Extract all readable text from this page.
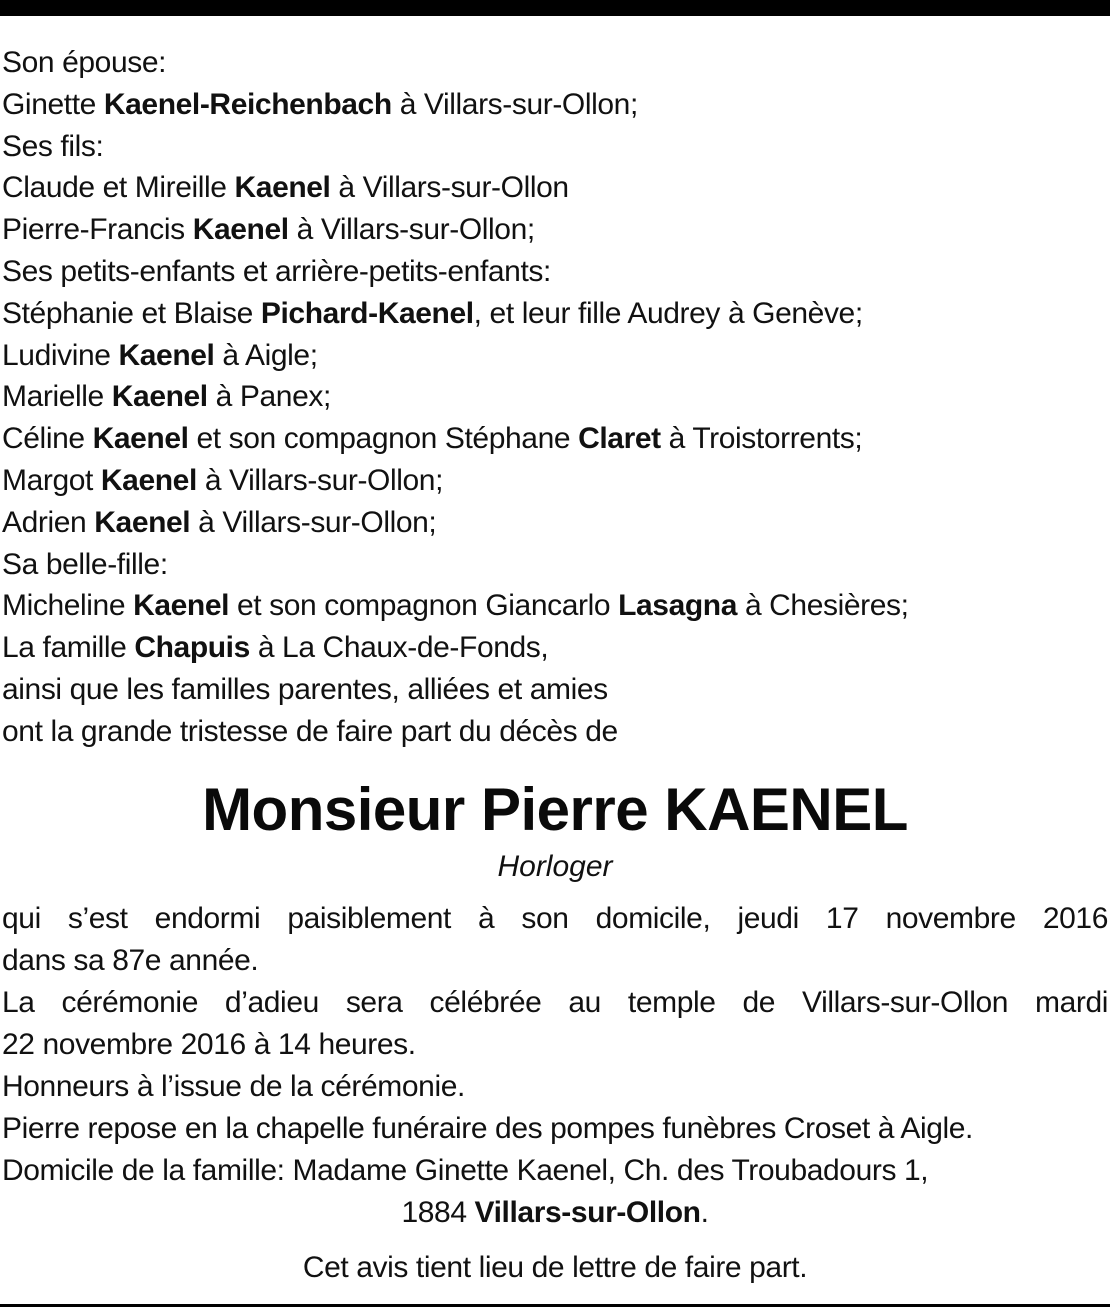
Son épouse:
Ginette Kaenel-Reichenbach à Villars-sur-Ollon;
Ses fils:
Claude et Mireille Kaenel à Villars-sur-Ollon
Pierre-Francis Kaenel à Villars-sur-Ollon;
Ses petits-enfants et arrière-petits-enfants:
Stéphanie et Blaise Pichard-Kaenel, et leur fille Audrey à Genève;
Ludivine Kaenel à Aigle;
Marielle Kaenel à Panex;
Céline Kaenel et son compagnon Stéphane Claret à Troistorrents;
Margot Kaenel à Villars-sur-Ollon;
Adrien Kaenel à Villars-sur-Ollon;
Sa belle-fille:
Micheline Kaenel et son compagnon Giancarlo Lasagna à Chesières;
La famille Chapuis à La Chaux-de-Fonds,
ainsi que les familles parentes, alliées et amies
ont la grande tristesse de faire part du décès de
Monsieur Pierre KAENEL
Horloger
qui s’est endormi paisiblement à son domicile, jeudi 17 novembre 2016
dans sa 87e année.
La cérémonie d’adieu sera célébrée au temple de Villars-sur-Ollon mardi
22 novembre 2016 à 14 heures.
Honneurs à l’issue de la cérémonie.
Pierre repose en la chapelle funéraire des pompes funèbres Croset à Aigle.
Domicile de la famille: Madame Ginette Kaenel, Ch. des Troubadours 1,
1884 Villars-sur-Ollon.
Cet avis tient lieu de lettre de faire part.
